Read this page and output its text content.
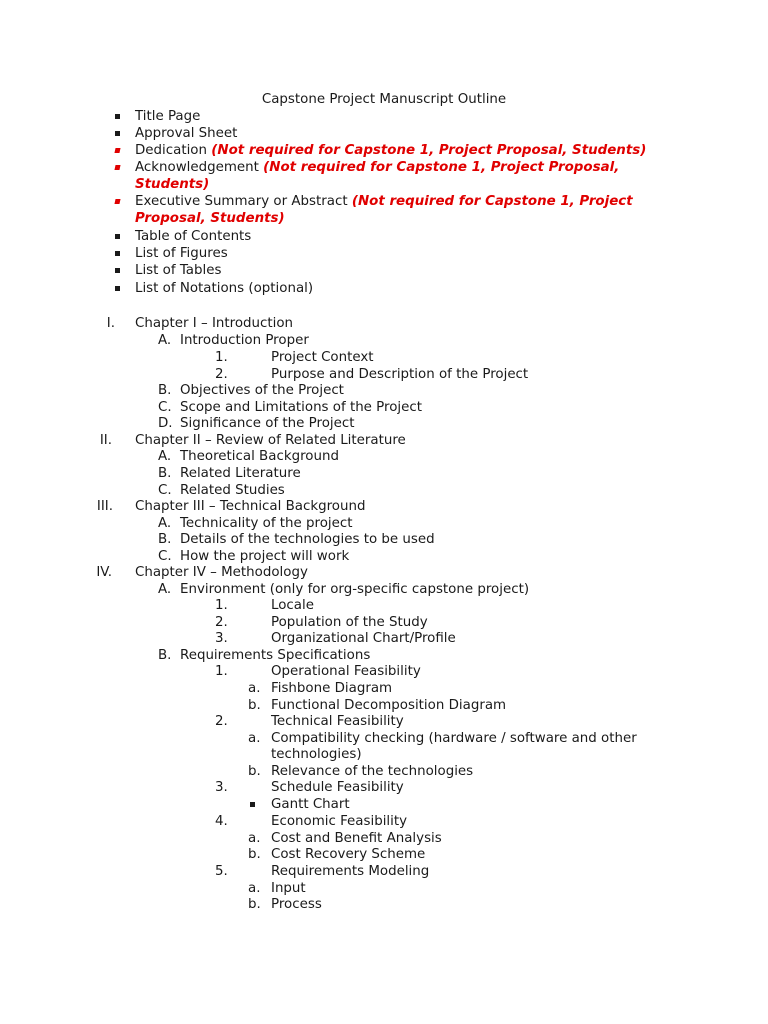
Capstone Project Manuscript Outline
Title Page
Approval Sheet
Dedication (Not required for Capstone 1, Project Proposal, Students)
Acknowledgement (Not required for Capstone 1, Project Proposal,
Students)
Executive Summary or Abstract (Not required for Capstone 1, Project
Proposal, Students)
Table of Contents
List of Figures
List of Tables
List of Notations (optional)
I. Chapter I – Introduction
A. Introduction Proper
1.	Project Context
2.	Purpose and Description of the Project
B. Objectives of the Project
C. Scope and Limitations of the Project
D. Significance of the Project
II. Chapter II – Review of Related Literature
A. Theoretical Background
B. Related Literature
C. Related Studies
III. Chapter III – Technical Background
A. Technicality of the project
B. Details of the technologies to be used
C. How the project will work
IV. Chapter IV – Methodology
A. Environment (only for org-specific capstone project)
1.	Locale
2.	Population of the Study
3.	Organizational Chart/Profile
B. Requirements Specifications
1.	Operational Feasibility
a. Fishbone Diagram
b. Functional Decomposition Diagram
2.	Technical Feasibility
a. Compatibility checking (hardware / software and other
technologies)
b. Relevance of the technologies
3.	Schedule Feasibility
Gantt Chart
4.	Economic Feasibility
a. Cost and Benefit Analysis
b. Cost Recovery Scheme
5.	Requirements Modeling
a. Input
b. Process
